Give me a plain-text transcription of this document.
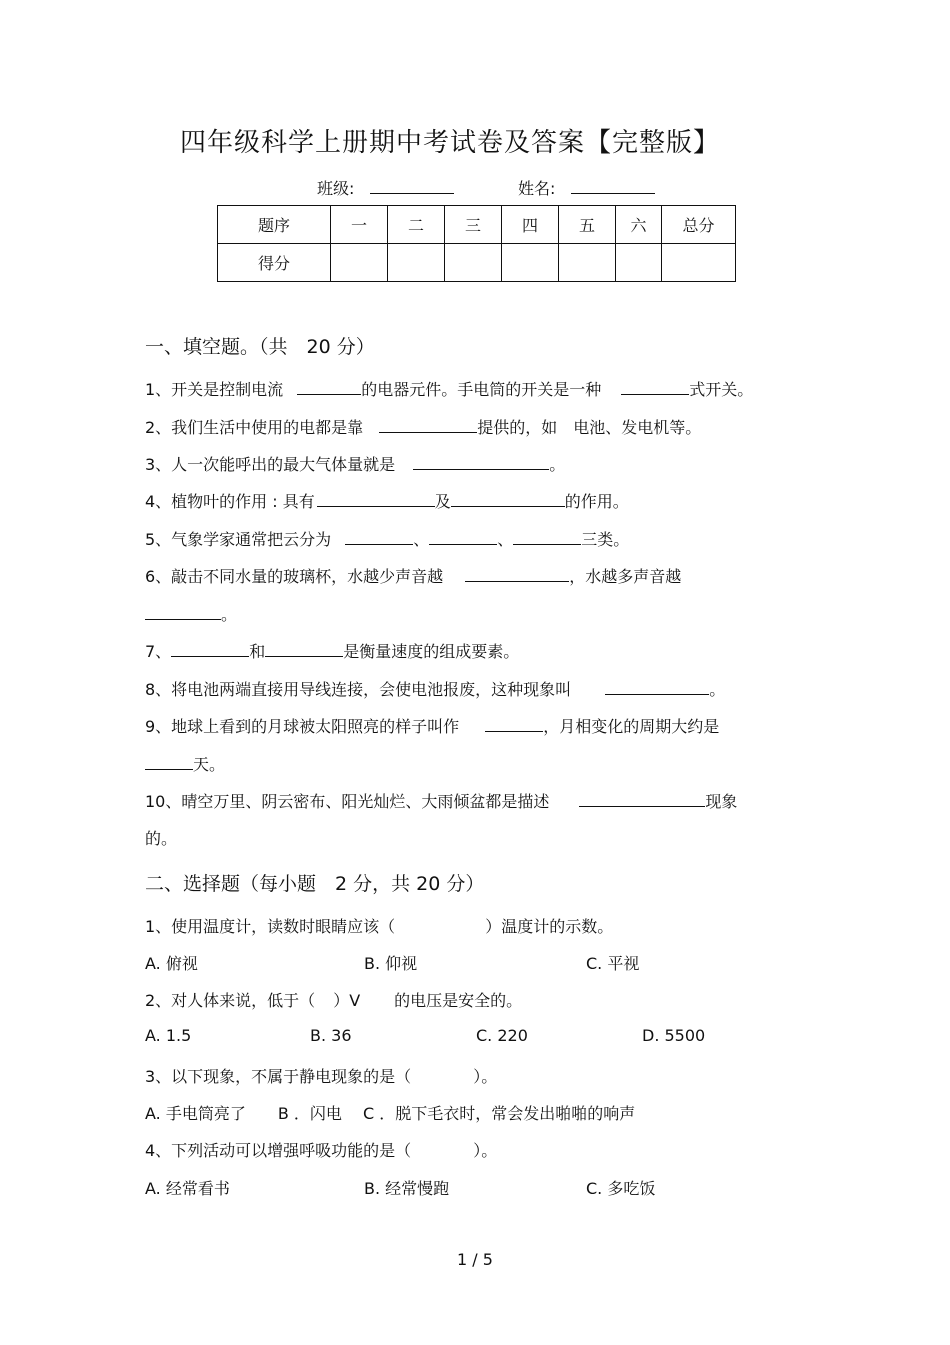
四年级科学上册期中考试卷及答案【完整版】
班级:	姓名:
题序	一	二	三	四	五	六	总分
得分							
一、填空题。（共　20 分）
1、开关是控制电流	的电器元件。手电筒的开关是一种	式开关。
2、我们生活中使用的电都是靠	提供的，如　电池、发电机等。
3、人一次能呼出的最大气体量就是	。
4、植物叶的作用 : 具有	及	的作用。
5、气象学家通常把云分为	、	、	三类。
6、敲击不同水量的玻璃杯，水越少声音越	，水越多声音越
。
7、	和	是衡量速度的组成要素。
8、将电池两端直接用导线连接，会使电池报废，这种现象叫	。
9、地球上看到的月球被太阳照亮的样子叫作	，月相变化的周期大约是
天。
10、晴空万里、阴云密布、阳光灿烂、大雨倾盆都是描述	现象
的。
二、选择题（每小题　2 分，共 20 分）
1、使用温度计，读数时眼睛应该（	）温度计的示数。
A. 俯视	B. 仰视	C. 平视
2、对人体来说，低于（ ）V 的电压是安全的。
A. 1.5	B. 36	C. 220	D. 5500
3、以下现象，不属于静电现象的是（	）。
A. 手电筒亮了　　B ．闪电　 C ．脱下毛衣时，常会发出啪啪的响声
4、下列活动可以增强呼吸功能的是（	）。
A. 经常看书	B. 经常慢跑	C. 多吃饭
1 / 5
